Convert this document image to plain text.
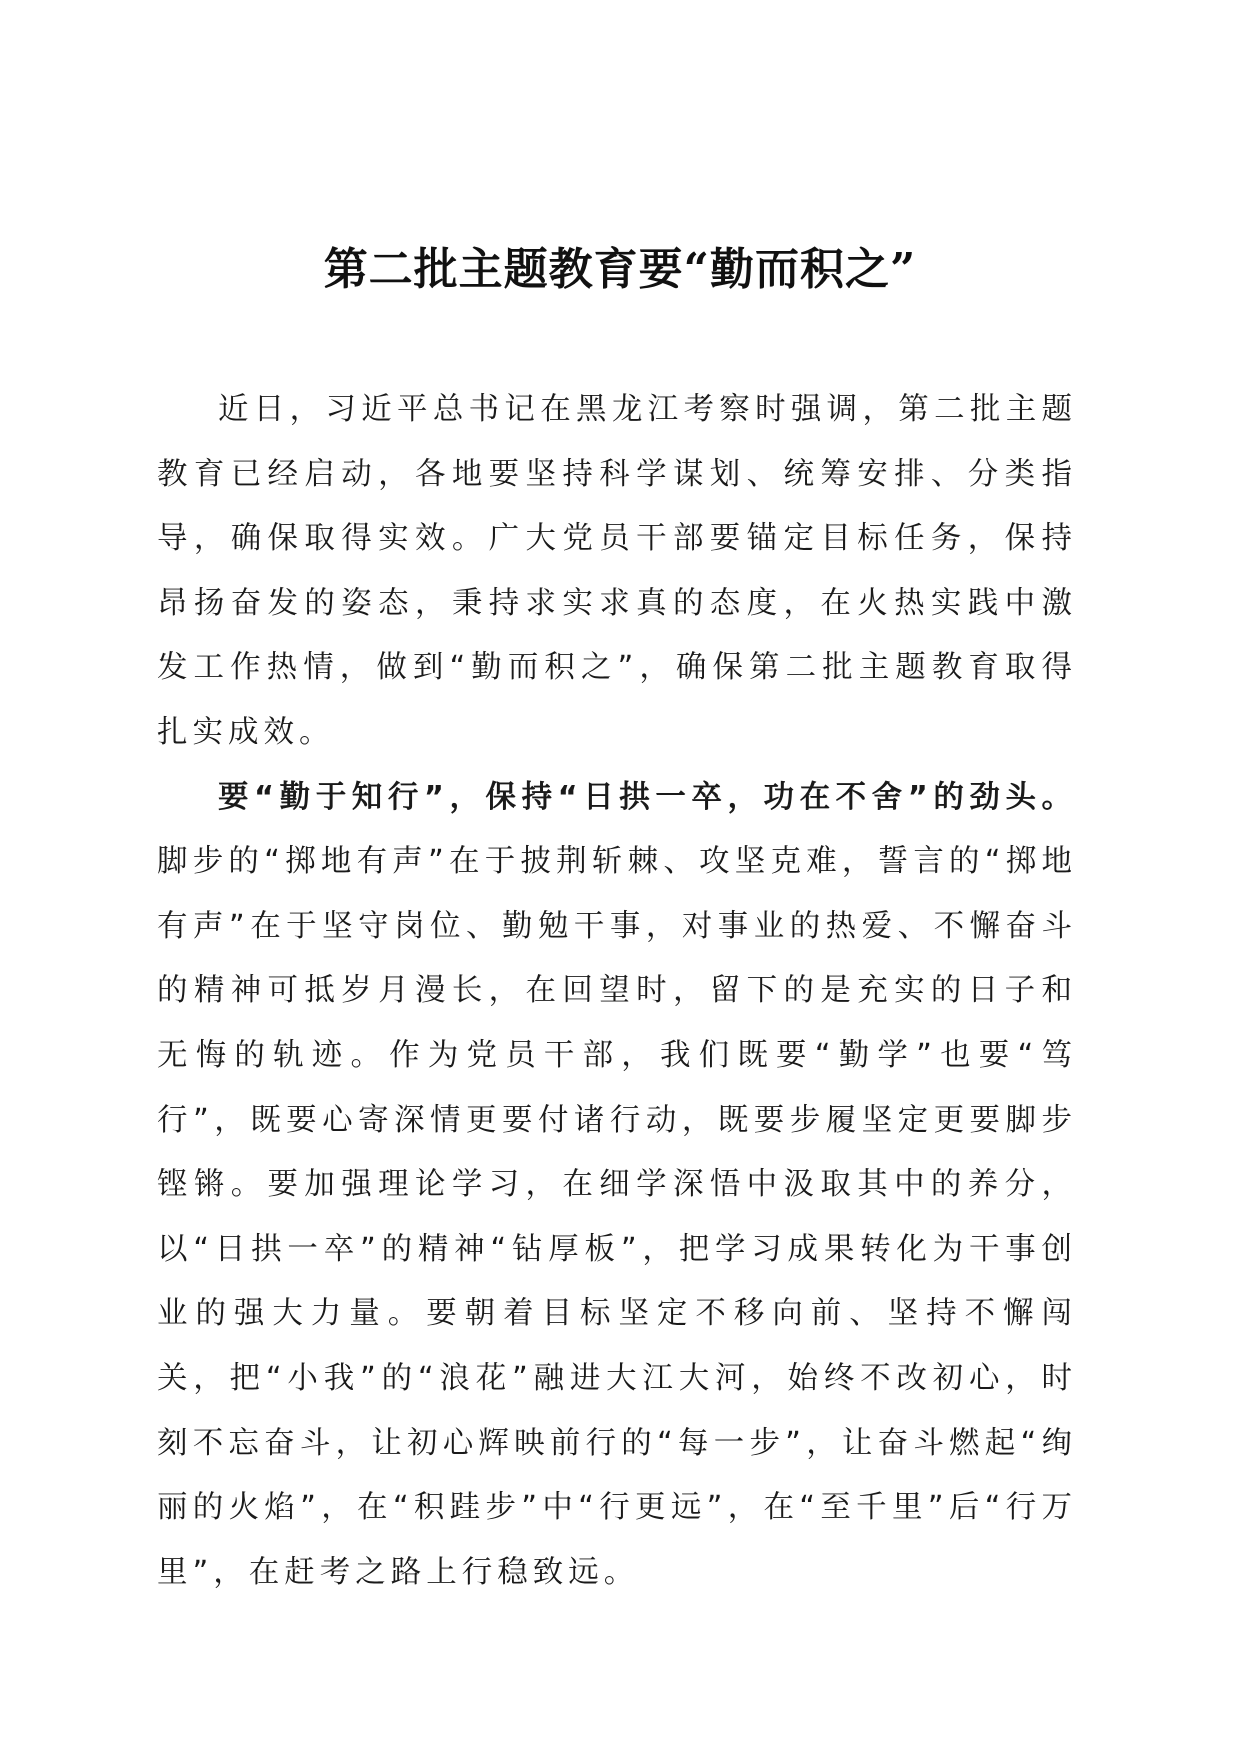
第二批主题教育要“勤而积之”

近日，习近平总书记在黑龙江考察时强调，第二批主题教育已经启动，各地要坚持科学谋划、统筹安排、分类指导，确保取得实效。广大党员干部要锚定目标任务，保持昂扬奋发的姿态，秉持求实求真的态度，在火热实践中激发工作热情，做到“勤而积之”，确保第二批主题教育取得扎实成效。

要“勤于知行”，保持“日拱一卒，功在不舍”的劲头。脚步的“掷地有声”在于披荆斩棘、攻坚克难，誓言的“掷地有声”在于坚守岗位、勤勉干事，对事业的热爱、不懈奋斗的精神可抵岁月漫长，在回望时，留下的是充实的日子和无悔的轨迹。作为党员干部，我们既要“勤学”也要“笃行”，既要心寄深情更要付诸行动，既要步履坚定更要脚步铿锵。要加强理论学习，在细学深悟中汲取其中的养分，以“日拱一卒”的精神“钻厚板”，把学习成果转化为干事创业的强大力量。要朝着目标坚定不移向前、坚持不懈闯关，把“小我”的“浪花”融进大江大河，始终不改初心，时刻不忘奋斗，让初心辉映前行的“每一步”，让奋斗燃起“绚丽的火焰”，在“积跬步”中“行更远”，在“至千里”后“行万里”，在赶考之路上行稳致远。
